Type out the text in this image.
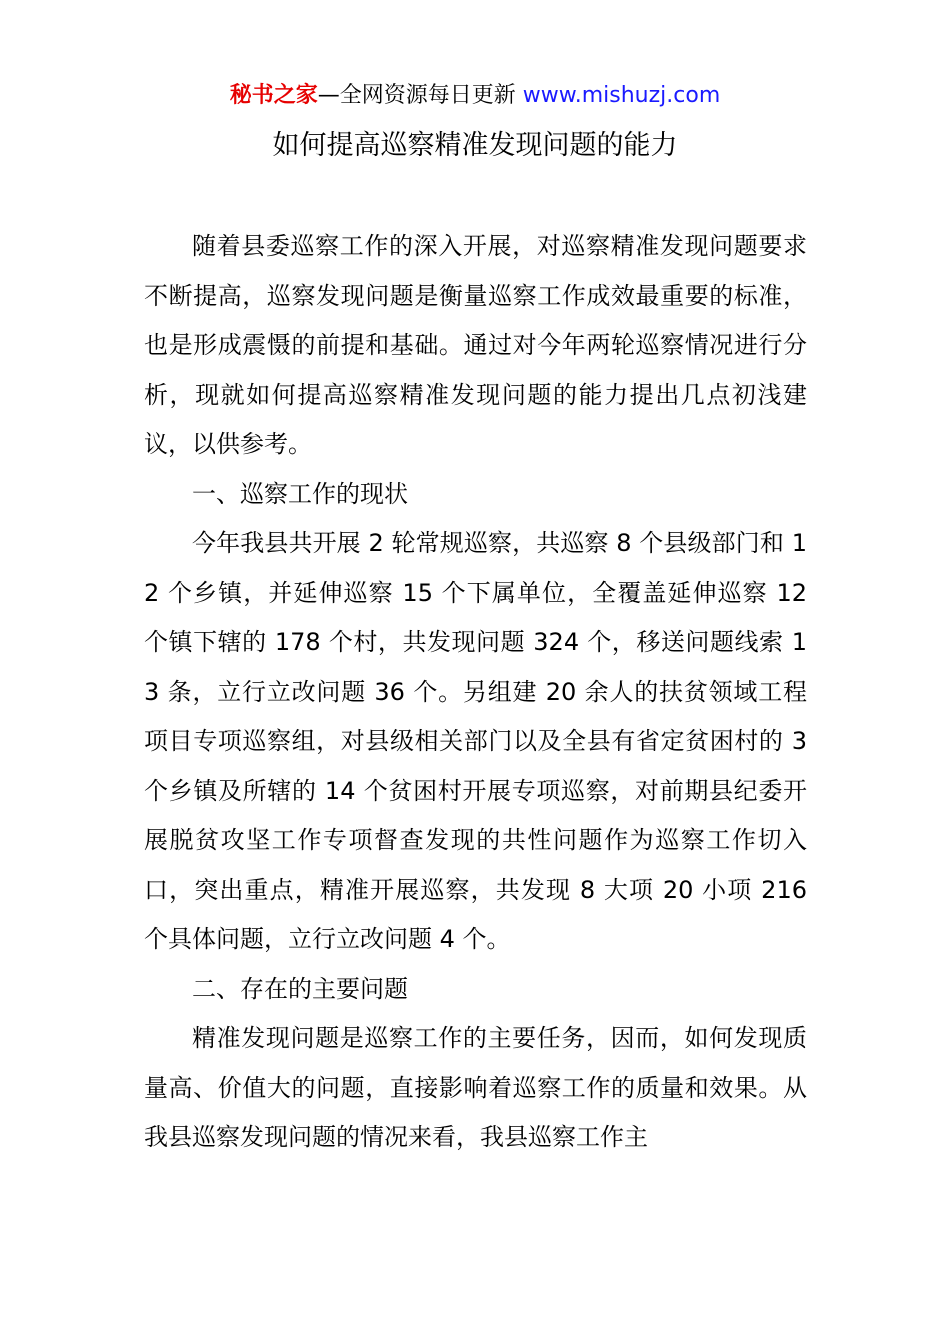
秘书之家—全网资源每日更新 www.mishuzj.com
如何提高巡察精准发现问题的能力

随着县委巡察工作的深入开展，对巡察精准发现问题要求不断提高，巡察发现问题是衡量巡察工作成效最重要的标准，也是形成震慑的前提和基础。通过对今年两轮巡察情况进行分析，现就如何提高巡察精准发现问题的能力提出几点初浅建议，以供参考。

一、巡察工作的现状

今年我县共开展 2 轮常规巡察，共巡察 8 个县级部门和 12 个乡镇，并延伸巡察 15 个下属单位，全覆盖延伸巡察 12 个镇下辖的 178 个村，共发现问题 324 个，移送问题线索 13 条，立行立改问题 36 个。另组建 20 余人的扶贫领域工程项目专项巡察组，对县级相关部门以及全县有省定贫困村的 3 个乡镇及所辖的 14 个贫困村开展专项巡察，对前期县纪委开展脱贫攻坚工作专项督查发现的共性问题作为巡察工作切入口，突出重点，精准开展巡察，共发现 8 大项 20 小项 216 个具体问题，立行立改问题 4 个。

二、存在的主要问题

精准发现问题是巡察工作的主要任务，因而，如何发现质量高、价值大的问题，直接影响着巡察工作的质量和效果。从我县巡察发现问题的情况来看，我县巡察工作主
